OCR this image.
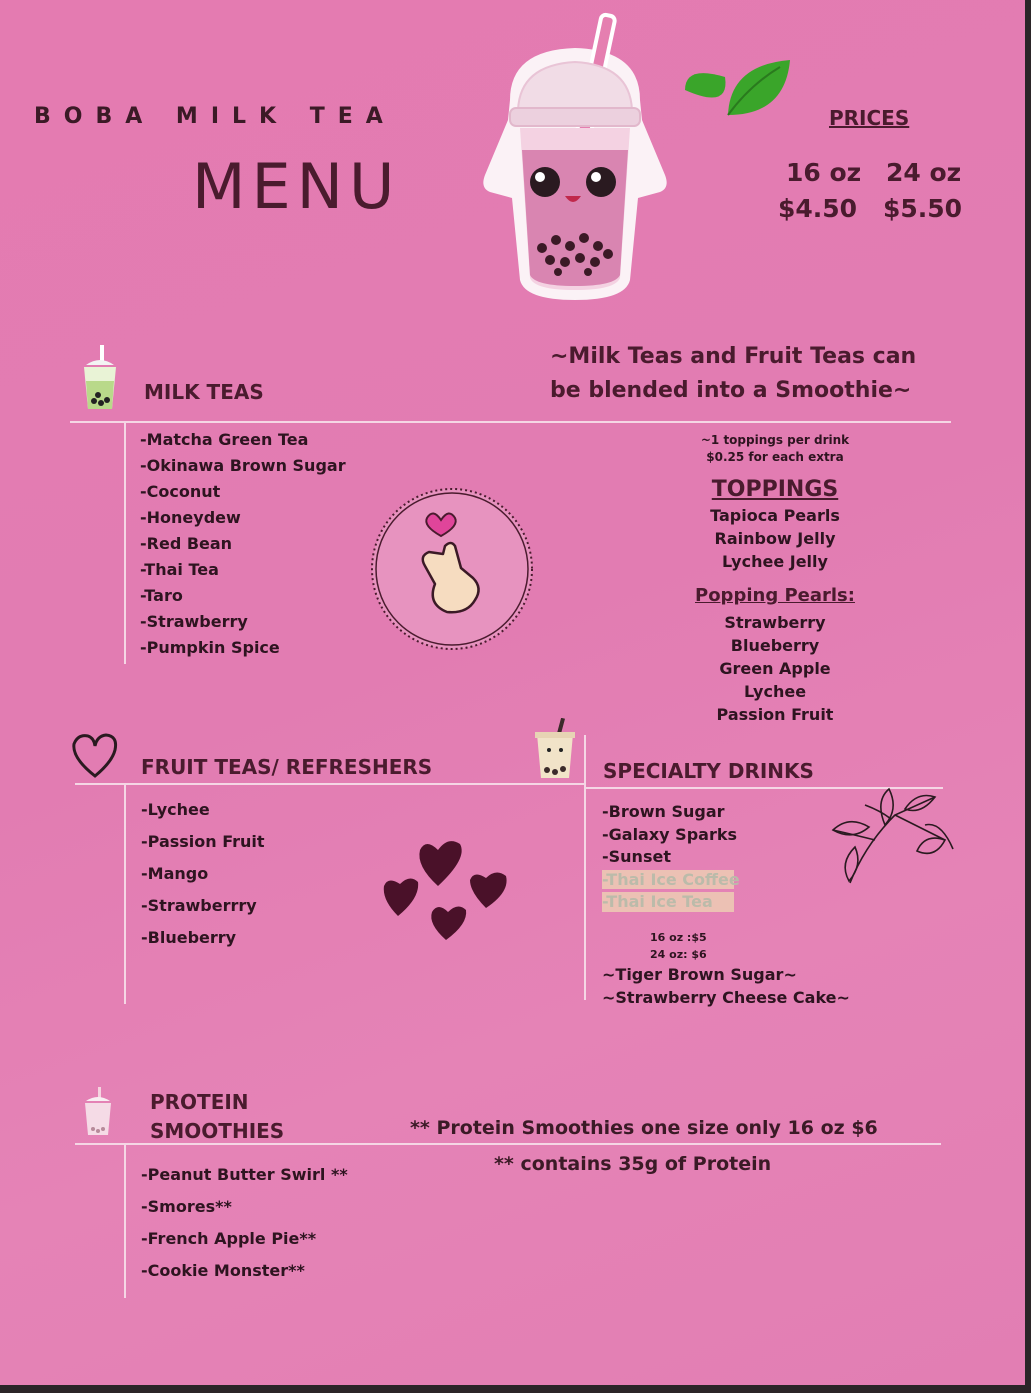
BOBA MILK TEA
MENU
PRICES
16 oz 24 oz
$4.50 $5.50
~Milk Teas and Fruit Teas can
be blended into a Smoothie~
MILK TEAS
-Matcha Green Tea
-Okinawa Brown Sugar
-Coconut
-Honeydew
-Red Bean
-Thai Tea
-Taro
-Strawberry
-Pumpkin Spice
~1 toppings per drink
$0.25 for each extra
TOPPINGS
Tapioca Pearls
Rainbow Jelly
Lychee Jelly
Popping Pearls:
Strawberry
Blueberry
Green Apple
Lychee
Passion Fruit
FRUIT TEAS/ REFRESHERS
-Lychee
-Passion Fruit
-Mango
-Strawberrry
-Blueberry
SPECIALTY DRINKS
-Brown Sugar
-Galaxy Sparks
-Sunset
-Thai Ice Coffee
-Thai Ice Tea
16 oz :$5
24 oz: $6
~Tiger Brown Sugar~
~Strawberry Cheese Cake~
PROTEIN
SMOOTHIES	** Protein Smoothies one size only 16 oz $6
** contains 35g of Protein
-Peanut Butter Swirl **
-Smores**
-French Apple Pie**
-Cookie Monster**
